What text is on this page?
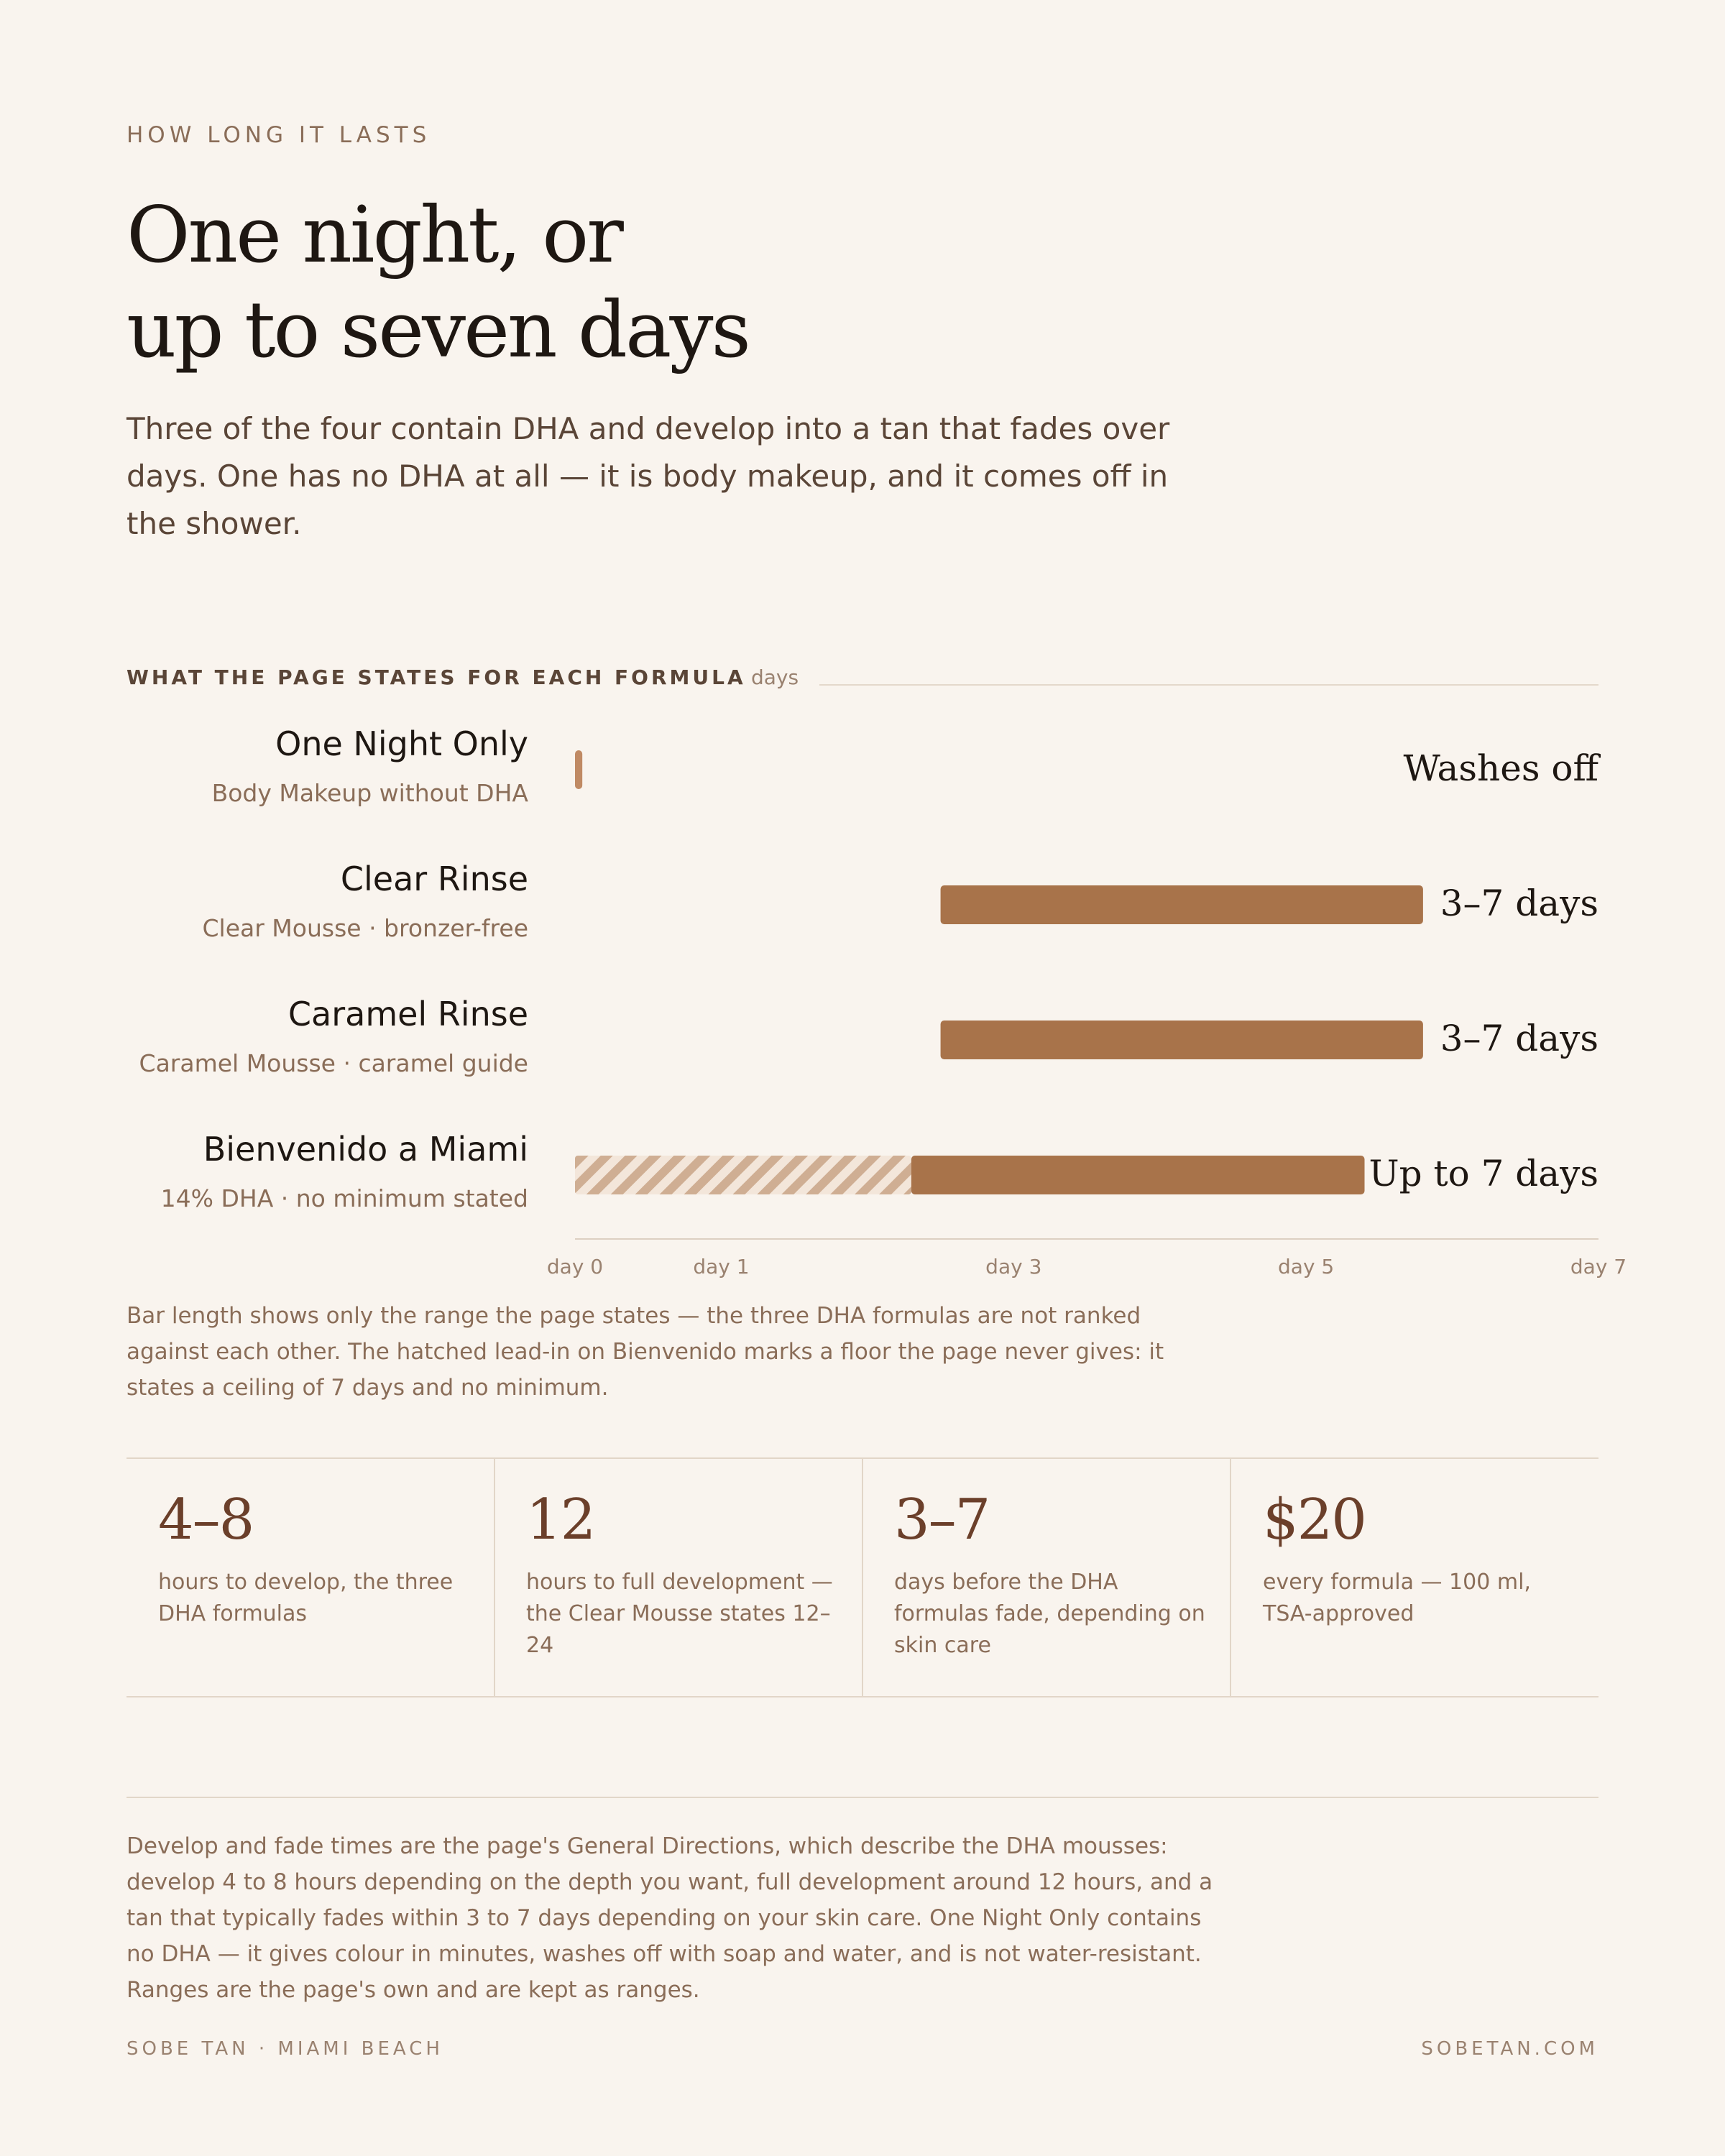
HOW LONG IT LASTS
One night, or
up to seven days
Three of the four contain DHA and develop into a tan that fades over days. One has no DHA at all — it is body makeup, and it comes off in the shower.
WHAT THE PAGE STATES FOR EACH FORMULA days
One Night Only
Body Makeup without DHA
Washes off
Clear Rinse
Clear Mousse · bronzer-free
3–7 days
Caramel Rinse
Caramel Mousse · caramel guide
3–7 days
Bienvenido a Miami
14% DHA · no minimum stated
Up to 7 days
day 0	day 1	day 3	day 5	day 7
Bar length shows only the range the page states — the three DHA formulas are not ranked against each other. The hatched lead-in on Bienvenido marks a floor the page never gives: it states a ceiling of 7 days and no minimum.
4–8
hours to develop, the three DHA formulas
12
hours to full development — the Clear Mousse states 12–24
3–7
days before the DHA formulas fade, depending on skin care
$20
every formula — 100 ml, TSA-approved
Develop and fade times are the page's General Directions, which describe the DHA mousses: develop 4 to 8 hours depending on the depth you want, full development around 12 hours, and a tan that typically fades within 3 to 7 days depending on your skin care. One Night Only contains no DHA — it gives colour in minutes, washes off with soap and water, and is not water-resistant. Ranges are the page's own and are kept as ranges.
SOBE TAN · MIAMI BEACH	SOBETAN.COM
